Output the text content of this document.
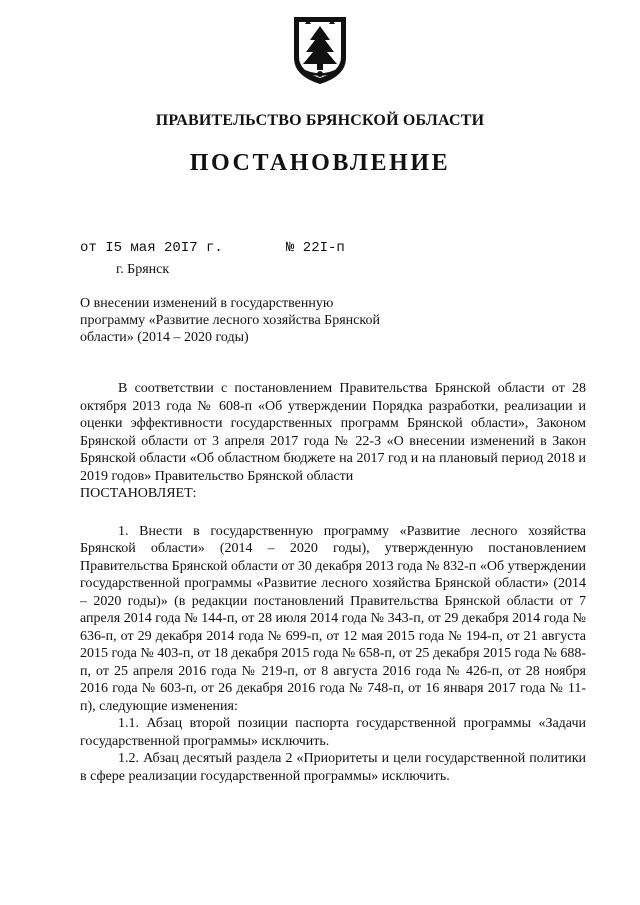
ПРАВИТЕЛЬСТВО БРЯНСКОЙ ОБЛАСТИ
ПОСТАНОВЛЕНИЕ
от I5 мая 20I7 г.	№ 22I-п
г. Брянск
О внесении изменений в государственную программу «Развитие лесного хозяйства Брянской области» (2014 – 2020 годы)

В соответствии с постановлением Правительства Брянской области от 28 октября 2013 года № 608-п «Об утверждении Порядка разработки, реализации и оценки эффективности государственных программ Брянской области», Законом Брянской области от 3 апреля 2017 года № 22-З «О внесении изменений в Закон Брянской области «Об областном бюджете на 2017 год и на плановый период 2018 и 2019 годов» Правительство Брянской области

ПОСТАНОВЛЯЕТ:

1. Внести в государственную программу «Развитие лесного хозяйства Брянской области» (2014 – 2020 годы), утвержденную постановлением Правительства Брянской области от 30 декабря 2013 года № 832-п «Об утверждении государственной программы «Развитие лесного хозяйства Брянской области» (2014 – 2020 годы)» (в редакции постановлений Правительства Брянской области от 7 апреля 2014 года № 144-п, от 28 июля 2014 года № 343-п, от 29 декабря 2014 года № 636-п, от 29 декабря 2014 года № 699-п, от 12 мая 2015 года № 194-п, от 21 августа 2015 года № 403-п, от 18 декабря 2015 года № 658-п, от 25 декабря 2015 года № 688-п, от 25 апреля 2016 года № 219-п, от 8 августа 2016 года № 426-п, от 28 ноября 2016 года № 603-п, от 26 декабря 2016 года № 748-п, от 16 января 2017 года № 11-п), следующие изменения:

1.1. Абзац второй позиции паспорта государственной программы «Задачи государственной программы» исключить.

1.2. Абзац десятый раздела 2 «Приоритеты и цели государственной политики в сфере реализации государственной программы» исключить.
